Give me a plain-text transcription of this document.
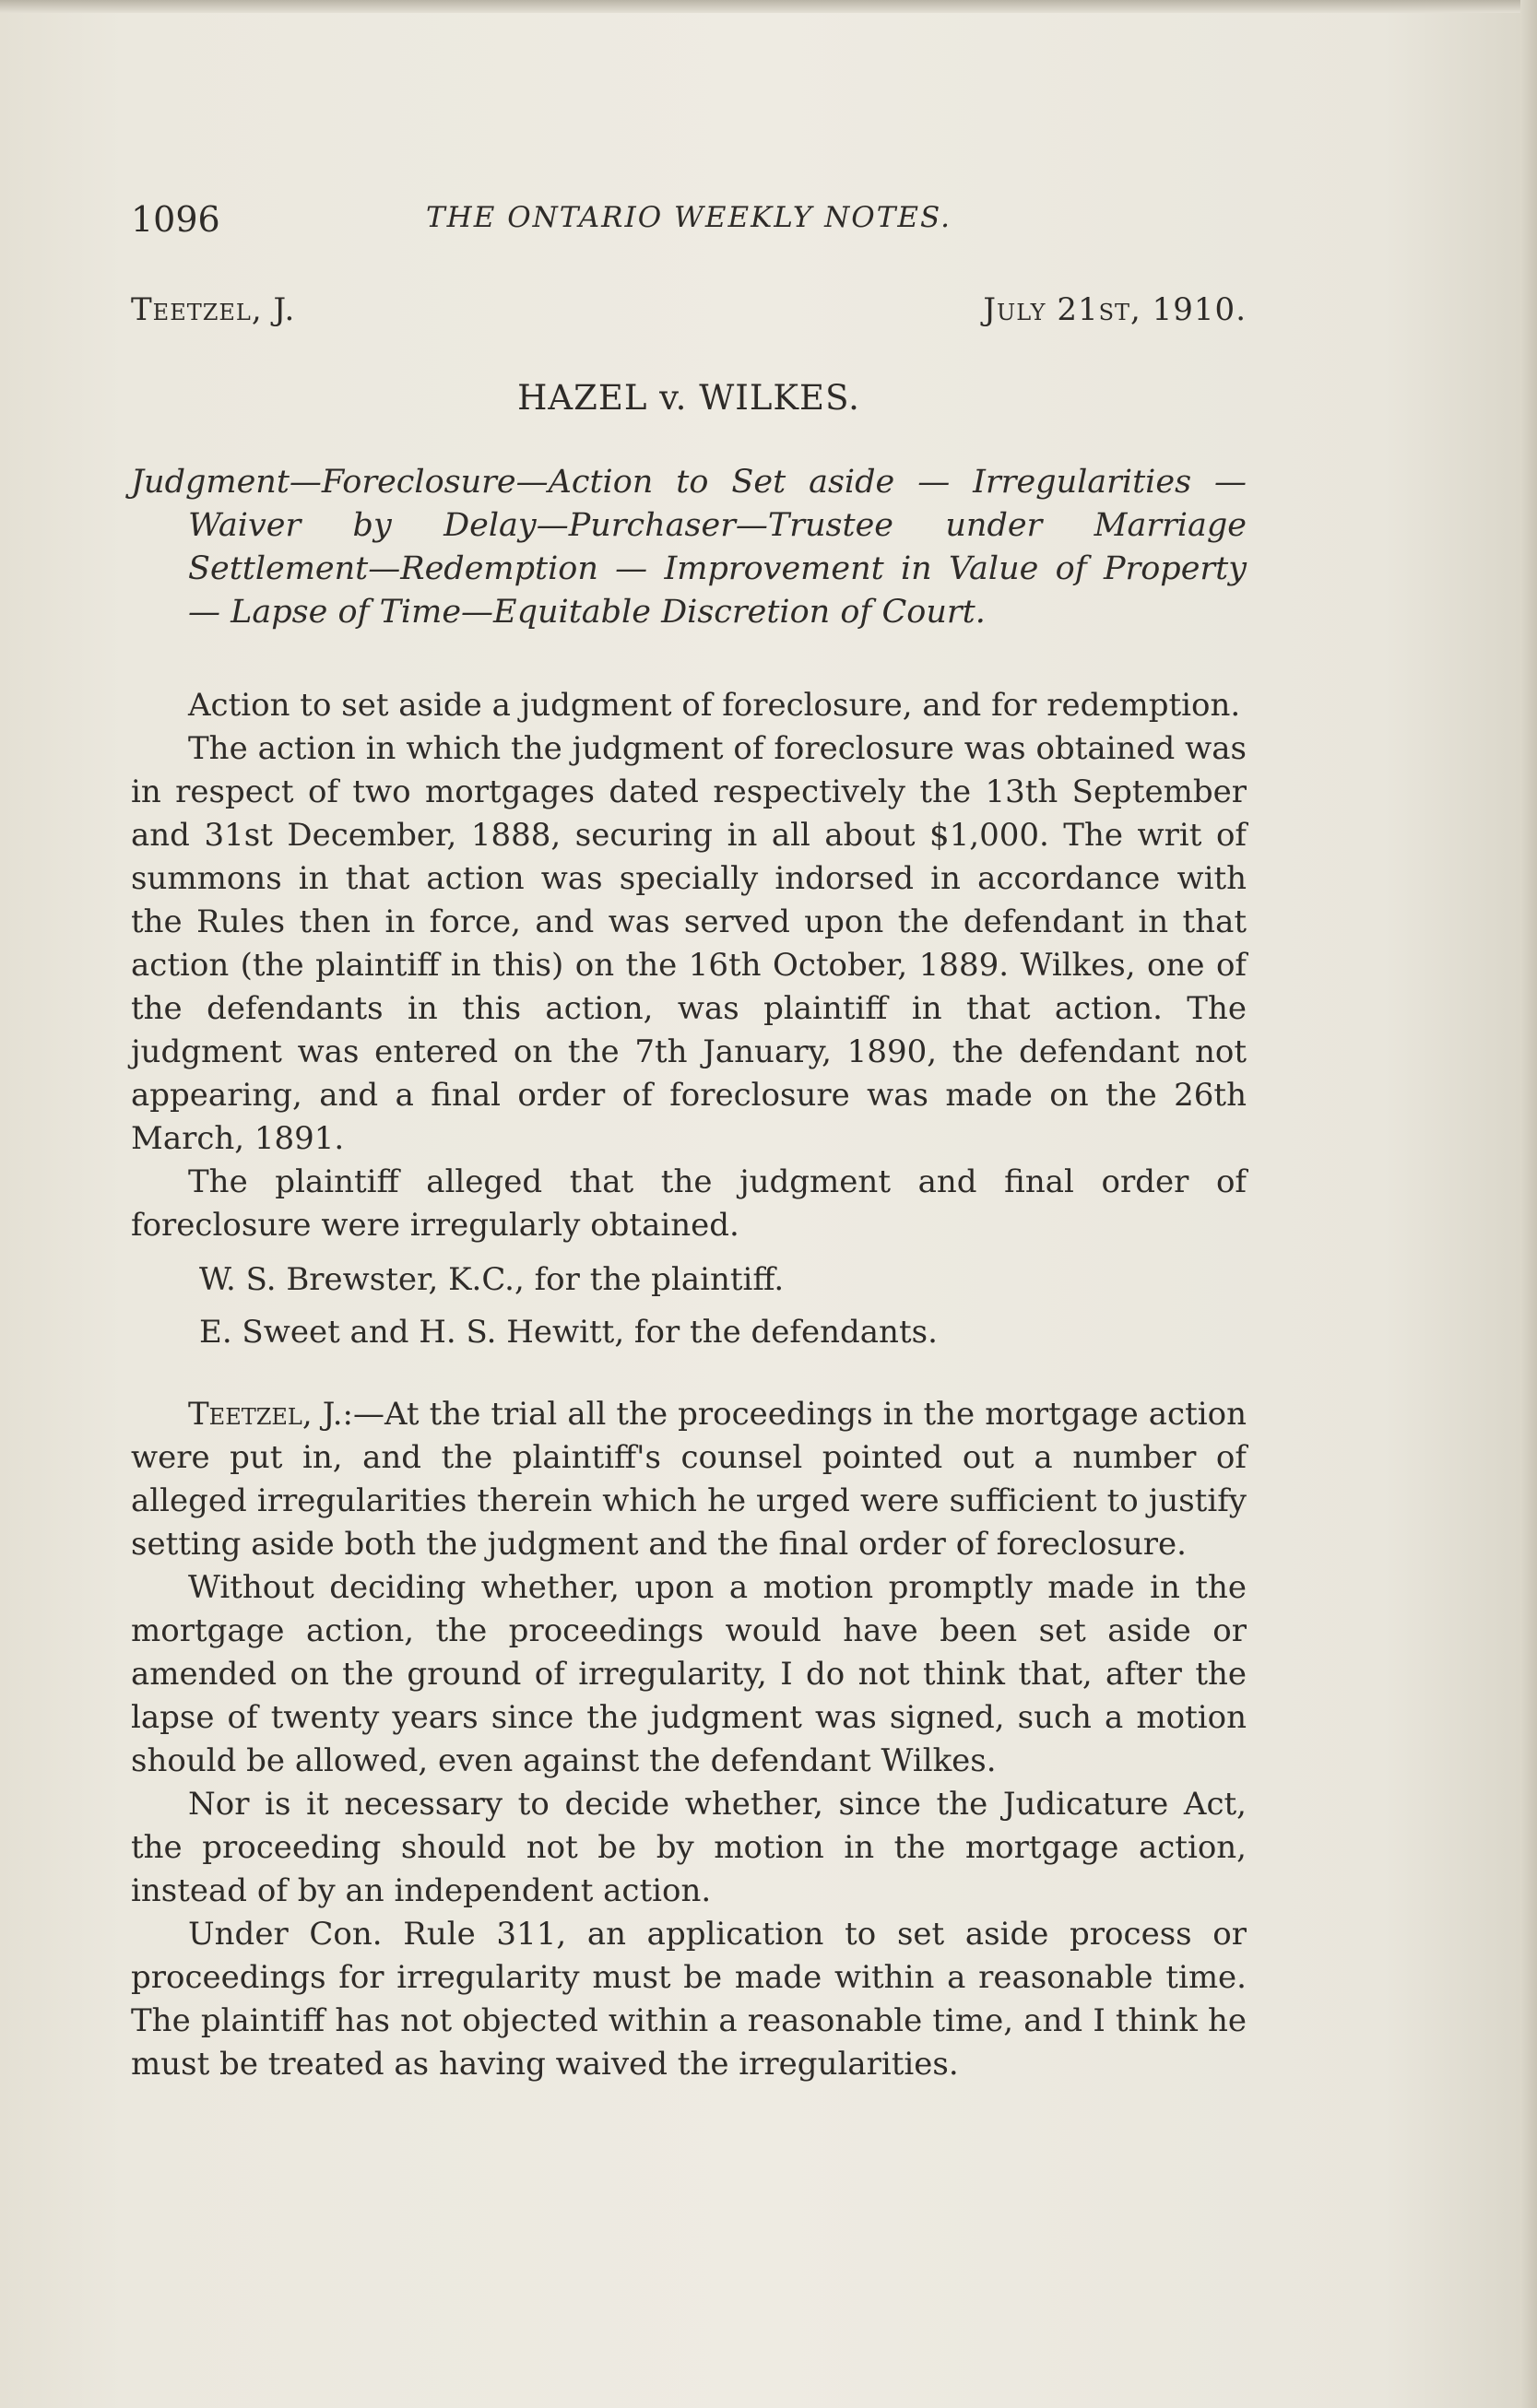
1096	THE ONTARIO WEEKLY NOTES.
Teetzel, J.	July 21st, 1910.
HAZEL v. WILKES.
Judgment—Foreclosure—Action to Set aside — Irregularities —
Waiver by Delay—Purchaser—Trustee under Marriage Settlement—Redemption — Improvement in Value of Property — Lapse of Time—Equitable Discretion of Court.

Action to set aside a judgment of foreclosure, and for redemption.

The action in which the judgment of foreclosure was obtained was in respect of two mortgages dated respectively the 13th September and 31st December, 1888, securing in all about $1,000. The writ of summons in that action was specially indorsed in accordance with the Rules then in force, and was served upon the defendant in that action (the plaintiff in this) on the 16th October, 1889. Wilkes, one of the defendants in this action, was plaintiff in that action. The judgment was entered on the 7th January, 1890, the defendant not appearing, and a final order of foreclosure was made on the 26th March, 1891.

The plaintiff alleged that the judgment and final order of foreclosure were irregularly obtained.

W. S. Brewster, K.C., for the plaintiff.

E. Sweet and H. S. Hewitt, for the defendants.

Teetzel, J.:—At the trial all the proceedings in the mortgage action were put in, and the plaintiff's counsel pointed out a number of alleged irregularities therein which he urged were sufficient to justify setting aside both the judgment and the final order of foreclosure.

Without deciding whether, upon a motion promptly made in the mortgage action, the proceedings would have been set aside or amended on the ground of irregularity, I do not think that, after the lapse of twenty years since the judgment was signed, such a motion should be allowed, even against the defendant Wilkes.

Nor is it necessary to decide whether, since the Judicature Act, the proceeding should not be by motion in the mortgage action, instead of by an independent action.

Under Con. Rule 311, an application to set aside process or proceedings for irregularity must be made within a reasonable time. The plaintiff has not objected within a reasonable time, and I think he must be treated as having waived the irregularities.
